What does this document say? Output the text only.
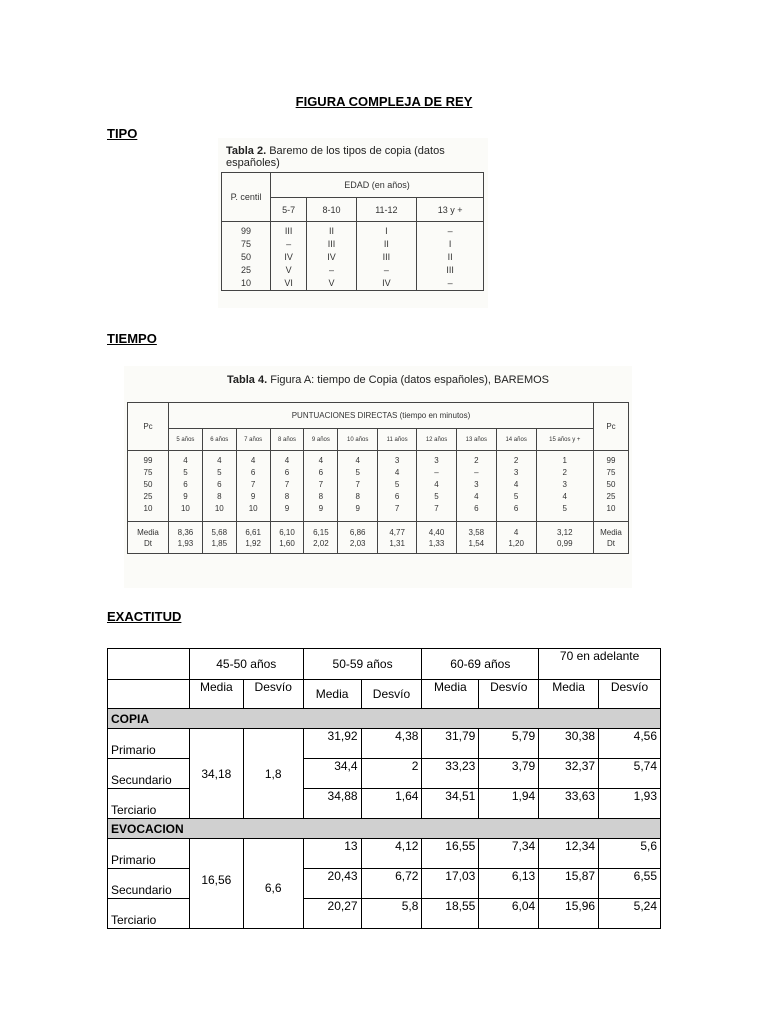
FIGURA COMPLEJA DE REY
TIPO
Tabla 2. Baremo de los tipos de copia (datos españoles)
P. centil	EDAD (en años)			
	5-7	8-10	11-12	13 y +
99	III	II	I	–
75	–	III	II	I
50	IV	IV	III	II
25	V	–	–	III
10	VI	V	IV	–
TIEMPO
Tabla 4. Figura A: tiempo de Copia (datos españoles), BAREMOS
Pc	PUNTUACIONES DIRECTAS (tiempo en minutos)											Pc
	5 años	6 años	7 años	8 años	9 años	10 años	11 años	12 años	13 años	14 años	15 años y +	
99	4	4	4	4	4	4	3	3	2	2	1	99
75	5	5	6	6	6	5	4	–	–	3	2	75
50	6	6	7	7	7	7	5	4	3	4	3	50
25	9	8	9	8	8	8	6	5	4	5	4	25
10	10	10	10	9	9	9	7	7	6	6	5	10
Media	8,36	5,68	6,61	6,10	6,15	6,86	4,77	4,40	3,58	4	3,12	Media
Dt	1,93	1,85	1,92	1,60	2,02	2,03	1,31	1,33	1,54	1,20	0,99	Dt
EXACTITUD
	45-50 años		50-59 años		60-69 años		70 en adelante	
	Media	Desvío	Media	Desvío	Media	Desvío	Media	Desvío
COPIA								
Primario	34,18	1,8	31,92	4,38	31,79	5,79	30,38	4,56
Secundario			34,4	2	33,23	3,79	32,37	5,74
Terciario			34,88	1,64	34,51	1,94	33,63	1,93
EVOCACION								
Primario	16,56	6,6	13	4,12	16,55	7,34	12,34	5,6
Secundario			20,43	6,72	17,03	6,13	15,87	6,55
Terciario			20,27	5,8	18,55	6,04	15,96	5,24
